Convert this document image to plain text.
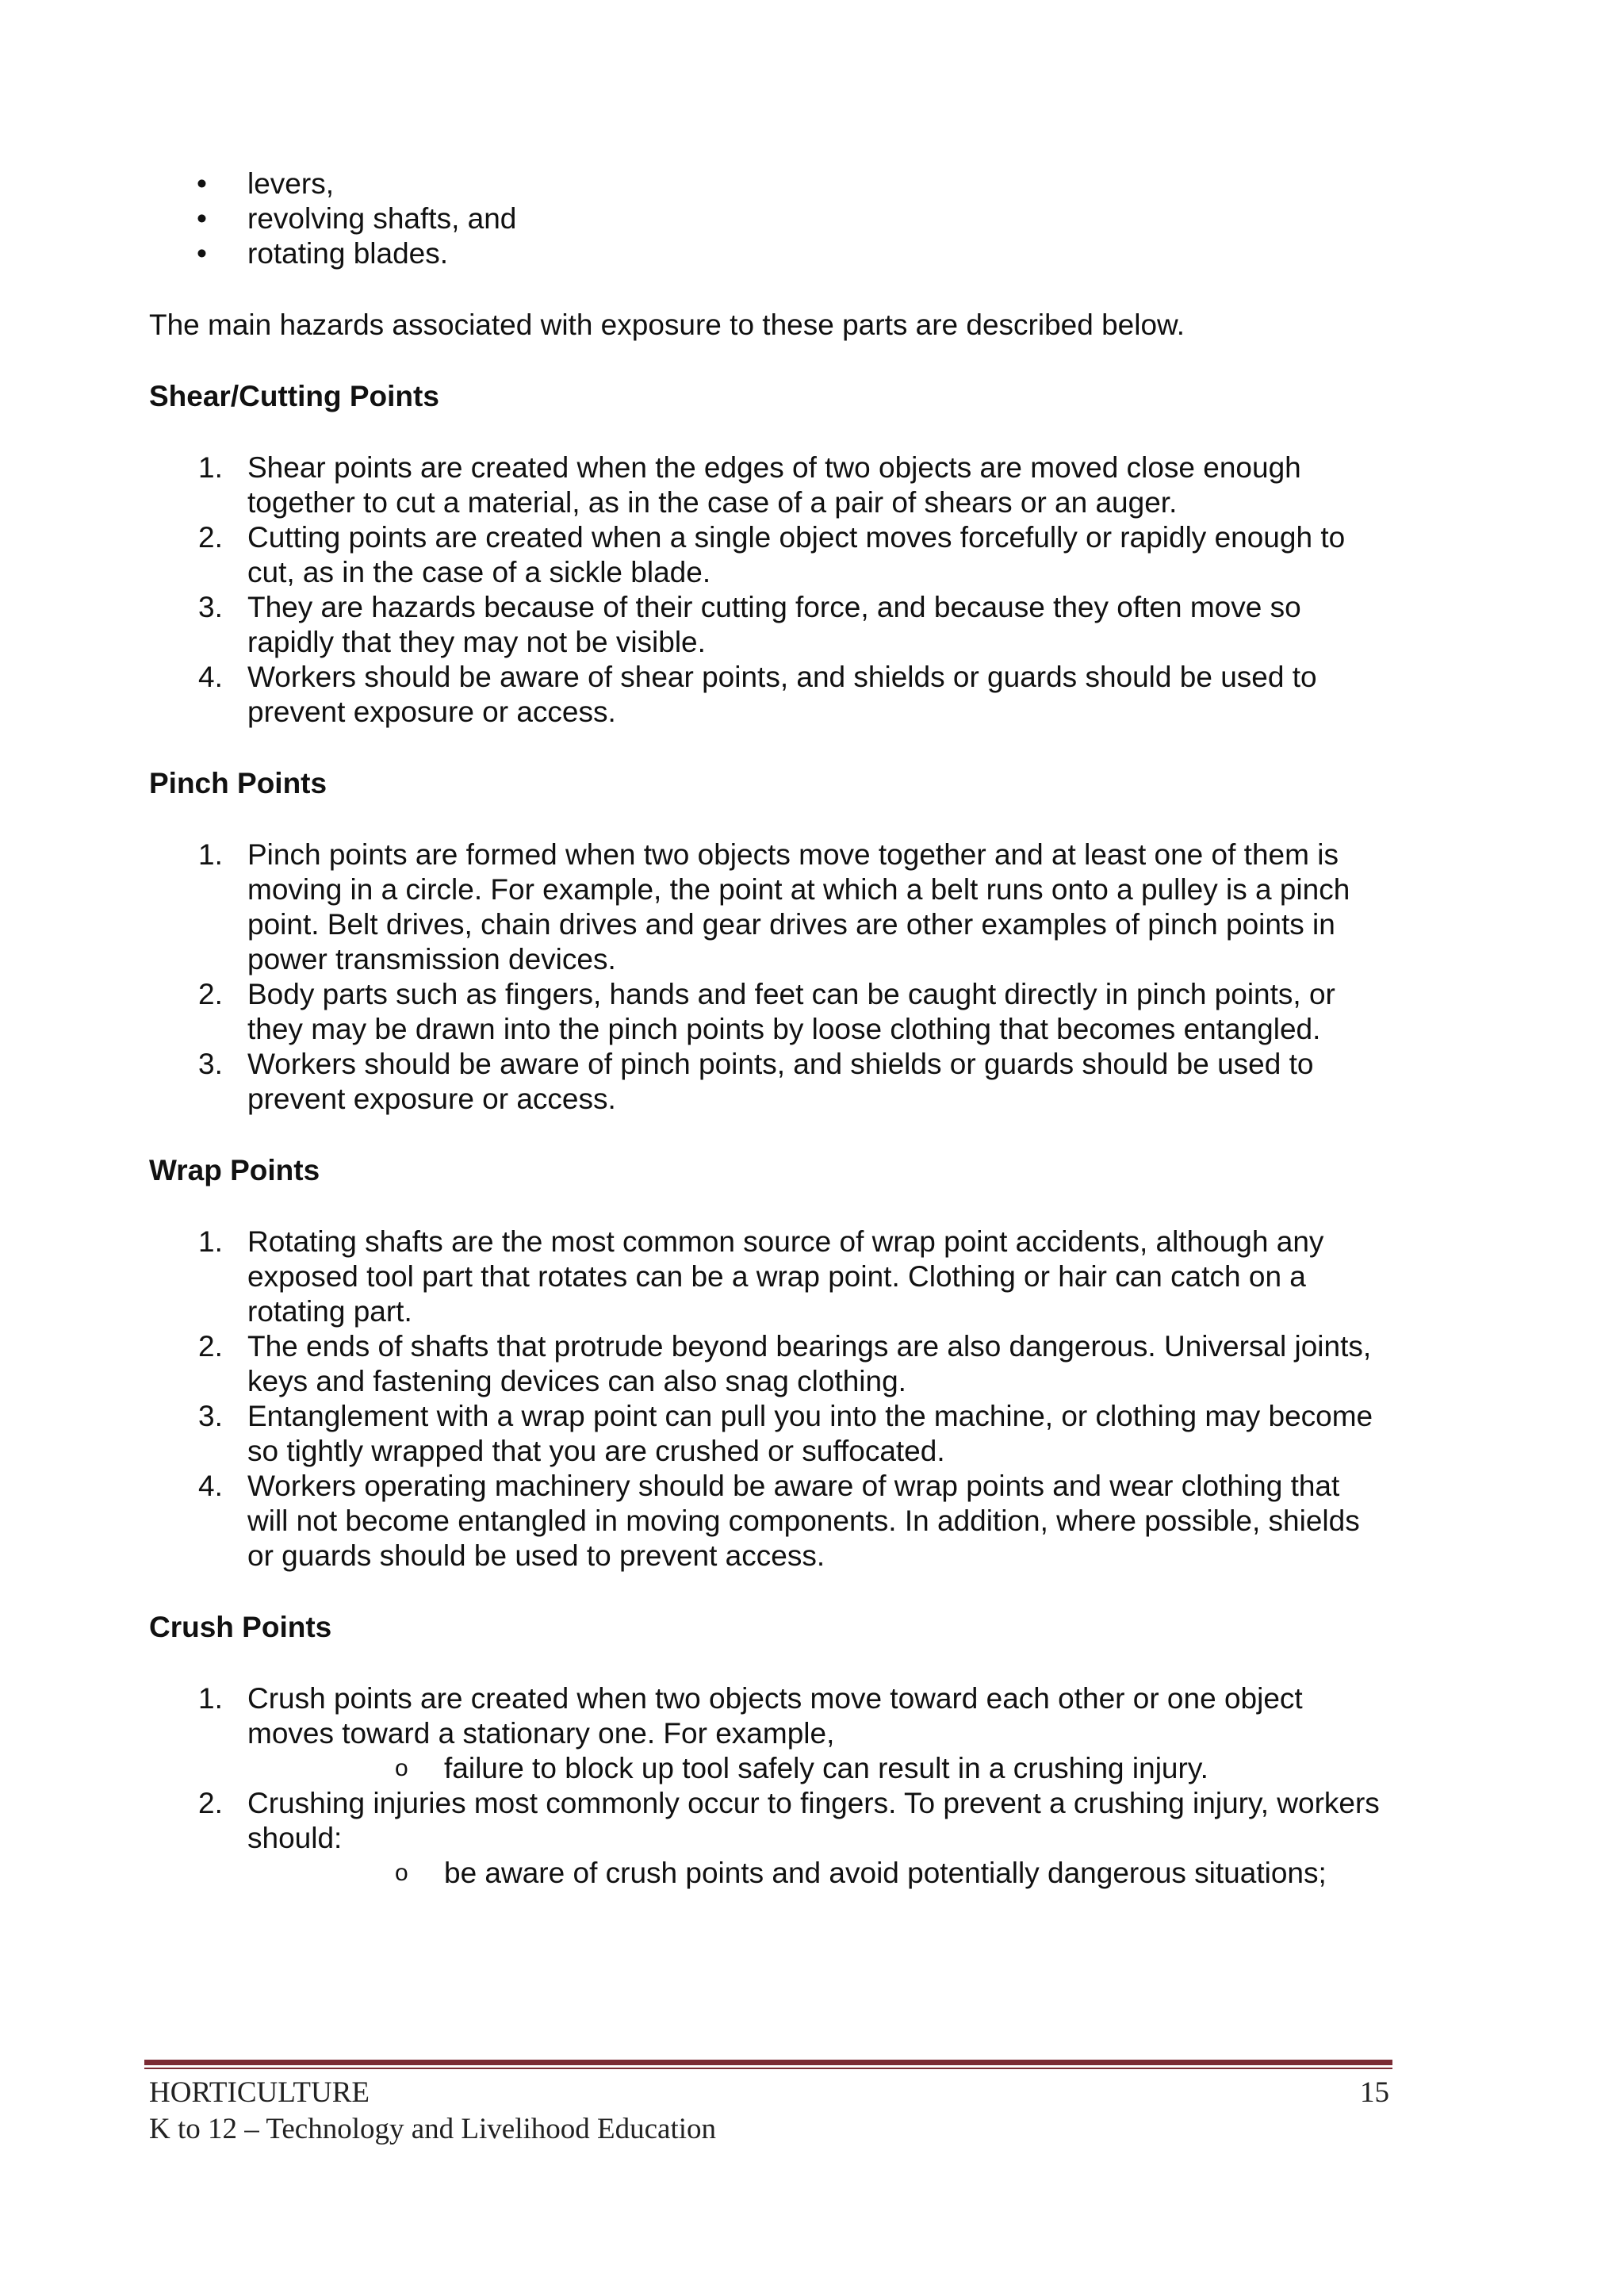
• levers,
• revolving shafts, and
• rotating blades.

The main hazards associated with exposure to these parts are described below.

Shear/Cutting Points
1. Shear points are created when the edges of two objects are moved close enough together to cut a material, as in the case of a pair of shears or an auger.
2. Cutting points are created when a single object moves forcefully or rapidly enough to cut, as in the case of a sickle blade.
3. They are hazards because of their cutting force, and because they often move so rapidly that they may not be visible.
4. Workers should be aware of shear points, and shields or guards should be used to prevent exposure or access.
Pinch Points
1. Pinch points are formed when two objects move together and at least one of them is moving in a circle. For example, the point at which a belt runs onto a pulley is a pinch point. Belt drives, chain drives and gear drives are other examples of pinch points in power transmission devices.
2. Body parts such as fingers, hands and feet can be caught directly in pinch points, or they may be drawn into the pinch points by loose clothing that becomes entangled.
3. Workers should be aware of pinch points, and shields or guards should be used to prevent exposure or access.
Wrap Points
1. Rotating shafts are the most common source of wrap point accidents, although any exposed tool part that rotates can be a wrap point. Clothing or hair can catch on a rotating part.
2. The ends of shafts that protrude beyond bearings are also dangerous. Universal joints, keys and fastening devices can also snag clothing.
3. Entanglement with a wrap point can pull you into the machine, or clothing may become so tightly wrapped that you are crushed or suffocated.
4. Workers operating machinery should be aware of wrap points and wear clothing that will not become entangled in moving components. In addition, where possible, shields or guards should be used to prevent access.
Crush Points
1. Crush points are created when two objects move toward each other or one object moves toward a stationary one. For example,
o failure to block up tool safely can result in a crushing injury.
2. Crushing injuries most commonly occur to fingers. To prevent a crushing injury, workers should:
o be aware of crush points and avoid potentially dangerous situations;
HORTICULTURE
K to 12 – Technology and Livelihood Education
15
